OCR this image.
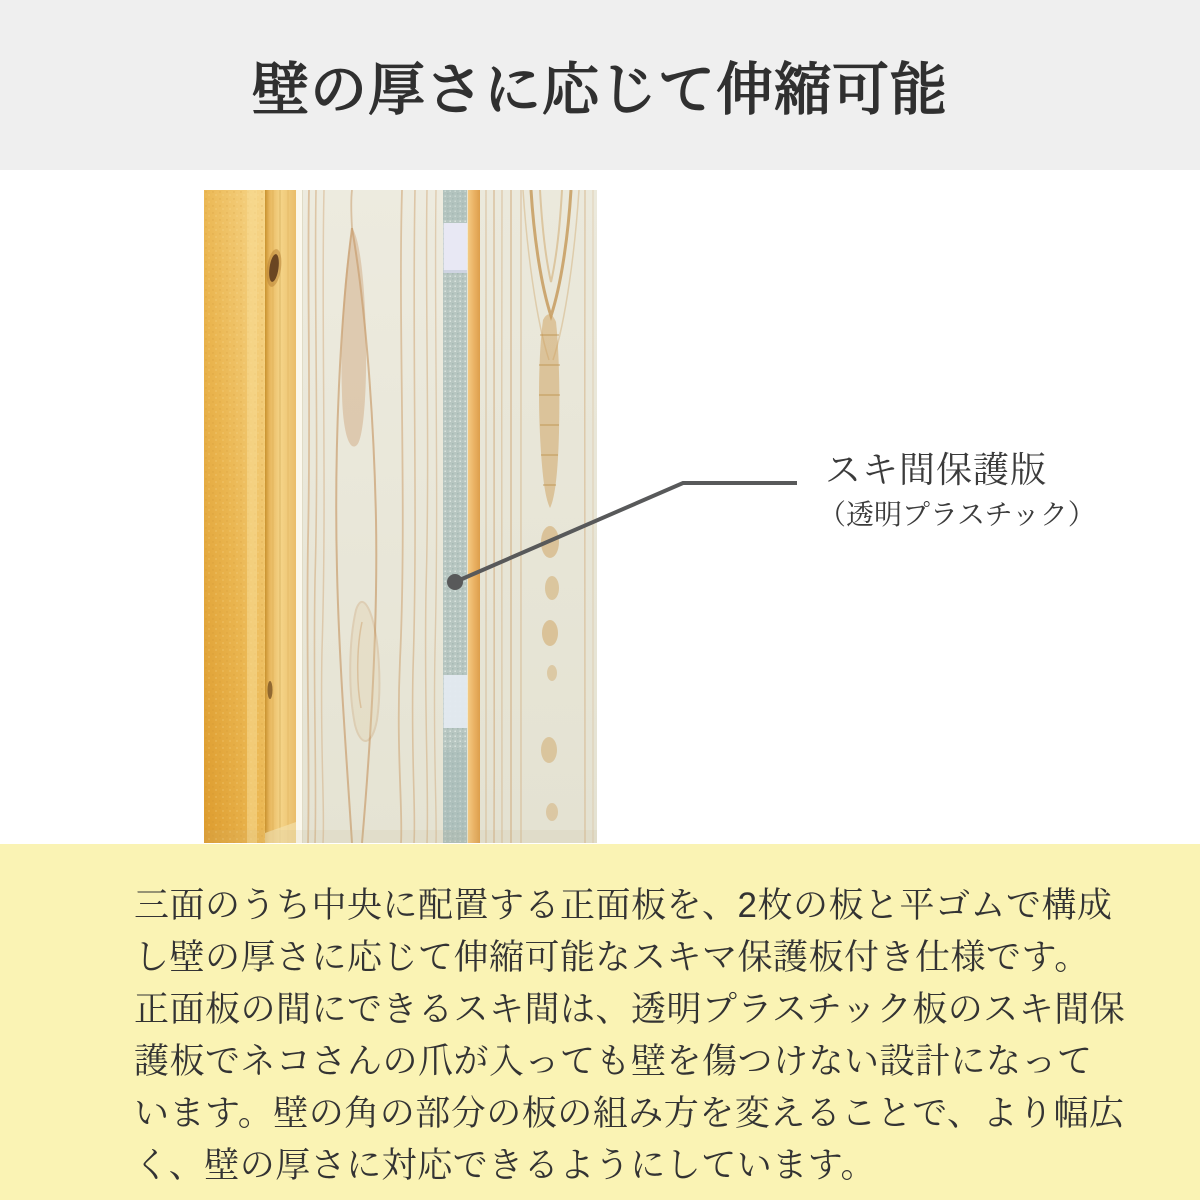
壁の厚さに応じて伸縮可能
スキ間保護版
（透明プラスチック）

三面のうち中央に配置する正面板を、2枚の板と平ゴムで構成

し壁の厚さに応じて伸縮可能なスキマ保護板付き仕様です。

正面板の間にできるスキ間は、透明プラスチック板のスキ間保

護板でネコさんの爪が入っても壁を傷つけない設計になって

います。壁の角の部分の板の組み方を変えることで、より幅広

く、壁の厚さに対応できるようにしています。
